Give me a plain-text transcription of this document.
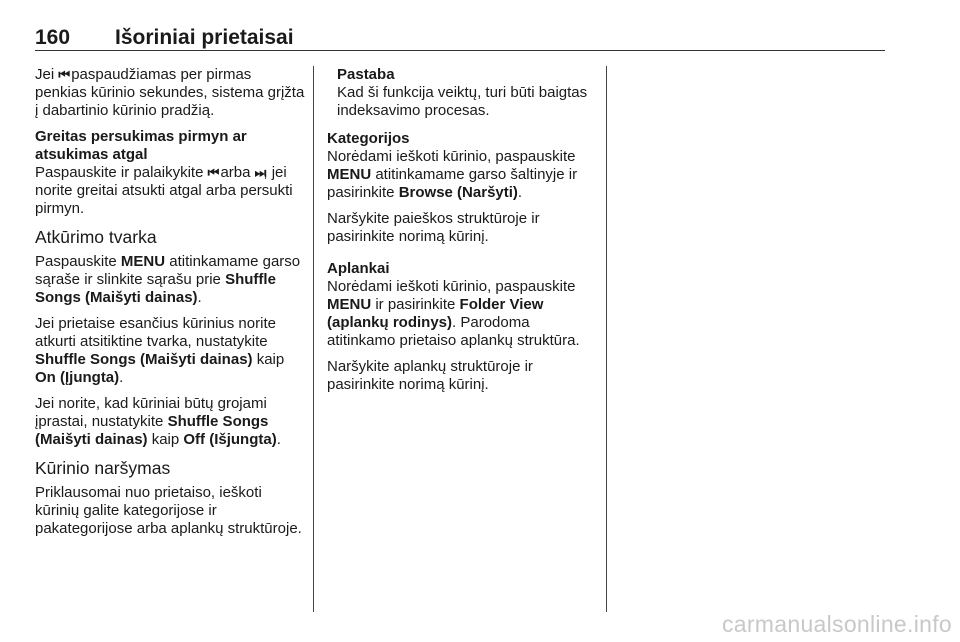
160 Išoriniai prietaisai

Jei ⏮ paspaudžiamas per pirmas penkias kūrinio sekundes, sistema grįžta į dabartinio kūrinio pradžią.

Greitas persukimas pirmyn ar atsukimas atgal

Paspauskite ir palaikykite ⏮ arba ⏭, jei norite greitai atsukti atgal arba persukti pirmyn.

Atkūrimo tvarka

Paspauskite MENU atitinkamame garso sąraše ir slinkite sąrašu prie Shuffle Songs (Maišyti dainas).

Jei prietaise esančius kūrinius norite atkurti atsitiktine tvarka, nustatykite Shuffle Songs (Maišyti dainas) kaip On (Įjungta).

Jei norite, kad kūriniai būtų grojami įprastai, nustatykite Shuffle Songs (Maišyti dainas) kaip Off (Išjungta).

Kūrinio naršymas

Priklausomai nuo prietaiso, ieškoti kūrinių galite kategorijose ir pakategorijose arba aplankų struktūroje.

Pastaba
Kad ši funkcija veiktų, turi būti baigtas indeksavimo procesas.
Kategorijos

Norėdami ieškoti kūrinio, paspauskite MENU atitinkamame garso šaltinyje ir pasirinkite Browse (Naršyti).

Naršykite paieškos struktūroje ir pasirinkite norimą kūrinį.

Aplankai

Norėdami ieškoti kūrinio, paspauskite MENU ir pasirinkite Folder View (aplankų rodinys). Parodoma atitinkamo prietaiso aplankų struktūra.

Naršykite aplankų struktūroje ir pasirinkite norimą kūrinį.

carmanualsonline.info
